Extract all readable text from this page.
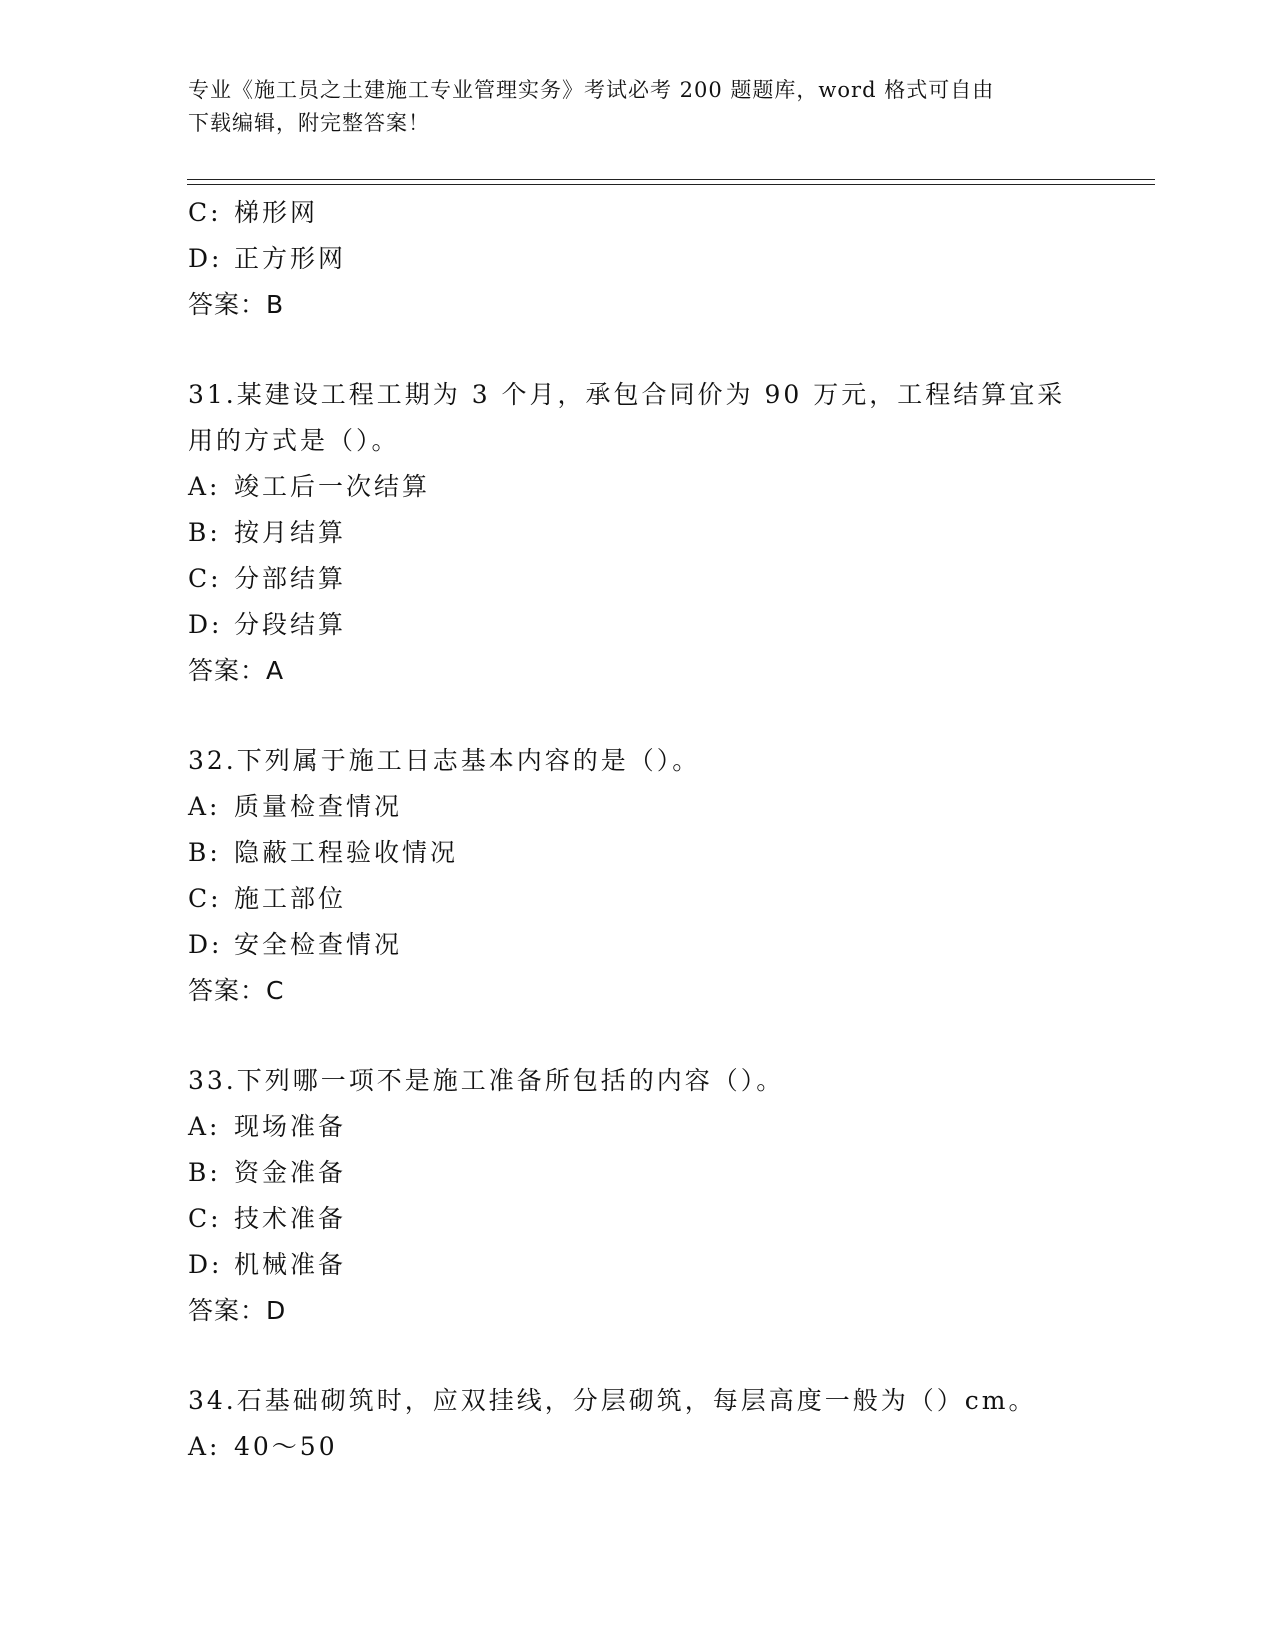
专业《施工员之土建施工专业管理实务》考试必考 200 题题库，word 格式可自由
下载编辑，附完整答案！
C: 梯形网
D: 正方形网
答案：B
31.某建设工程工期为 3 个月，承包合同价为 90 万元，工程结算宜采
用的方式是（）。
A: 竣工后一次结算
B: 按月结算
C: 分部结算
D: 分段结算
答案：A
32.下列属于施工日志基本内容的是（）。
A: 质量检查情况
B: 隐蔽工程验收情况
C: 施工部位
D: 安全检查情况
答案：C
33.下列哪一项不是施工准备所包括的内容（）。
A: 现场准备
B: 资金准备
C: 技术准备
D: 机械准备
答案：D
34.石基础砌筑时，应双挂线，分层砌筑，每层高度一般为（）cm。
A: 40～50
